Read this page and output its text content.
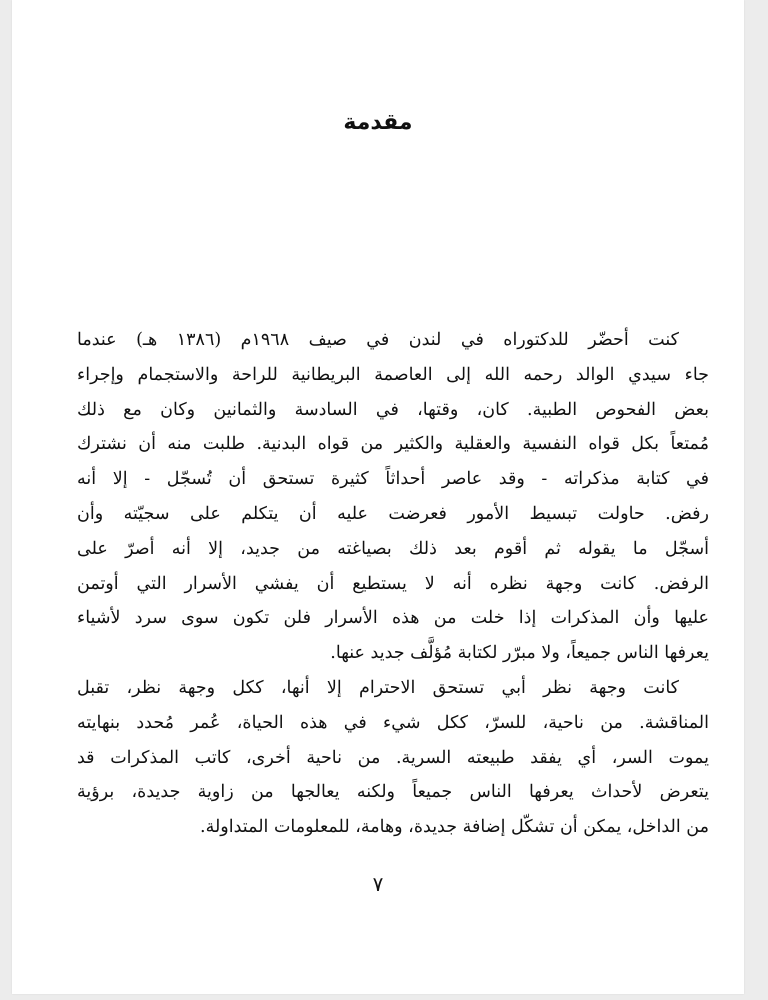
مقدمة

كنت أحضّر للدكتوراه في لندن في صيف ١٩٦٨م (١٣٨٦ هـ) عندما
جاء سيدي الوالد رحمه الله إلى العاصمة البريطانية للراحة والاستجمام وإجراء
بعض الفحوص الطبية. كان، وقتها، في السادسة والثمانين وكان مع ذلك
مُمتعاً بكل قواه النفسية والعقلية والكثير من قواه البدنية. طلبت منه أن نشترك
في كتابة مذكراته - وقد عاصر أحداثاً كثيرة تستحق أن تُسجّل - إلا أنه
رفض. حاولت تبسيط الأمور فعرضت عليه أن يتكلم على سجيّته وأن
أسجّل ما يقوله ثم أقوم بعد ذلك بصياغته من جديد، إلا أنه أصرّ على
الرفض. كانت وجهة نظره أنه لا يستطيع أن يفشي الأسرار التي أوتمن
عليها وأن المذكرات إذا خلت من هذه الأسرار فلن تكون سوى سرد لأشياء
يعرفها الناس جميعاً، ولا مبرّر لكتابة مُؤلَّف جديد عنها.

كانت وجهة نظر أبي تستحق الاحترام إلا أنها، ككل وجهة نظر، تقبل
المناقشة. من ناحية، للسرّ، ككل شيء في هذه الحياة، عُمر مُحدد بنهايته
يموت السر، أي يفقد طبيعته السرية. من ناحية أخرى، كاتب المذكرات قد
يتعرض لأحداث يعرفها الناس جميعاً ولكنه يعالجها من زاوية جديدة، برؤية
من الداخل، يمكن أن تشكّل إضافة جديدة، وهامة، للمعلومات المتداولة.

٧
